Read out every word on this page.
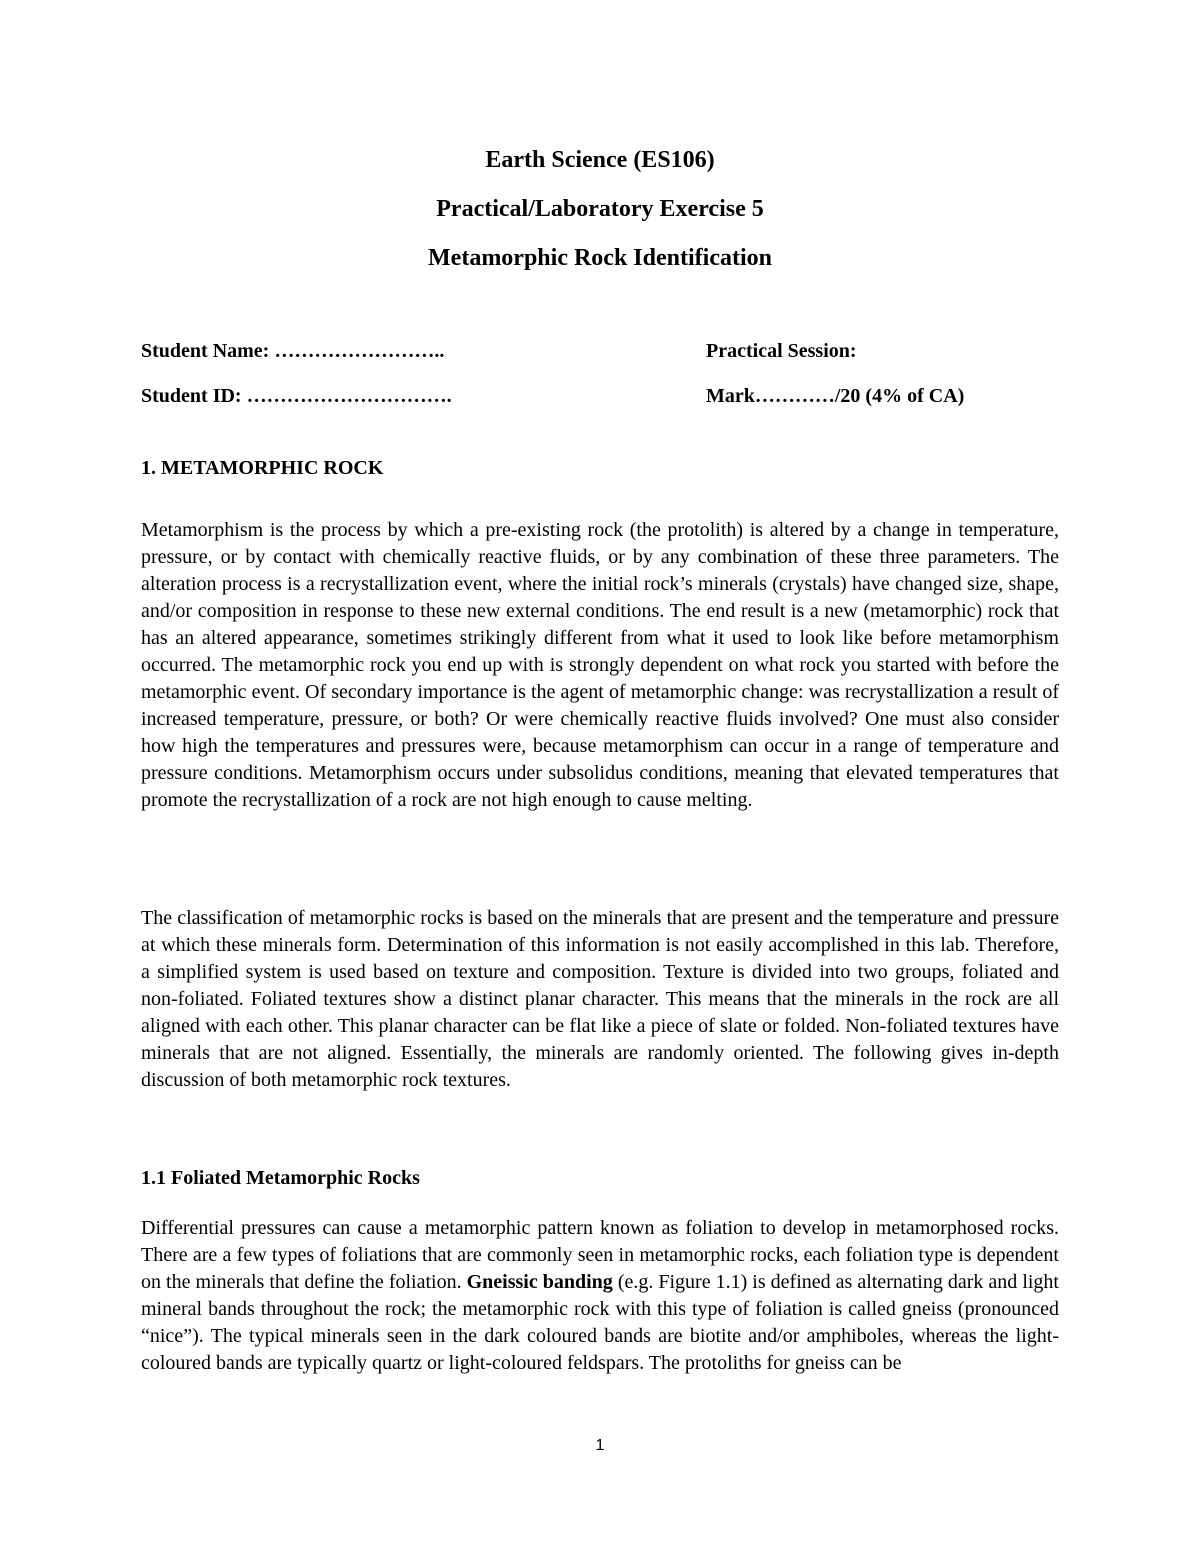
Earth Science (ES106)
Practical/Laboratory Exercise 5
Metamorphic Rock Identification
Student Name: ……………………..	Practical Session:
Student ID: ………………………….	Mark…………/20 (4% of CA)
1. METAMORPHIC ROCK
Metamorphism is the process by which a pre-existing rock (the protolith) is altered by a change in temperature, pressure, or by contact with chemically reactive fluids, or by any combination of these three parameters. The alteration process is a recrystallization event, where the initial rock’s minerals (crystals) have changed size, shape, and/or composition in response to these new external conditions. The end result is a new (metamorphic) rock that has an altered appearance, sometimes strikingly different from what it used to look like before metamorphism occurred. The metamorphic rock you end up with is strongly dependent on what rock you started with before the metamorphic event. Of secondary importance is the agent of metamorphic change: was recrystallization a result of increased temperature, pressure, or both? Or were chemically reactive fluids involved? One must also consider how high the temperatures and pressures were, because metamorphism can occur in a range of temperature and pressure conditions. Metamorphism occurs under subsolidus conditions, meaning that elevated temperatures that promote the recrystallization of a rock are not high enough to cause melting.
The classification of metamorphic rocks is based on the minerals that are present and the temperature and pressure at which these minerals form. Determination of this information is not easily accomplished in this lab. Therefore, a simplified system is used based on texture and composition. Texture is divided into two groups, foliated and non-foliated. Foliated textures show a distinct planar character. This means that the minerals in the rock are all aligned with each other. This planar character can be flat like a piece of slate or folded. Non-foliated textures have minerals that are not aligned. Essentially, the minerals are randomly oriented. The following gives in-depth discussion of both metamorphic rock textures.
1.1 Foliated Metamorphic Rocks
Differential pressures can cause a metamorphic pattern known as foliation to develop in metamorphosed rocks. There are a few types of foliations that are commonly seen in metamorphic rocks, each foliation type is dependent on the minerals that define the foliation. Gneissic banding (e.g. Figure 1.1) is defined as alternating dark and light mineral bands throughout the rock; the metamorphic rock with this type of foliation is called gneiss (pronounced “nice”). The typical minerals seen in the dark coloured bands are biotite and/or amphiboles, whereas the light-coloured bands are typically quartz or light-coloured feldspars. The protoliths for gneiss can be
1
